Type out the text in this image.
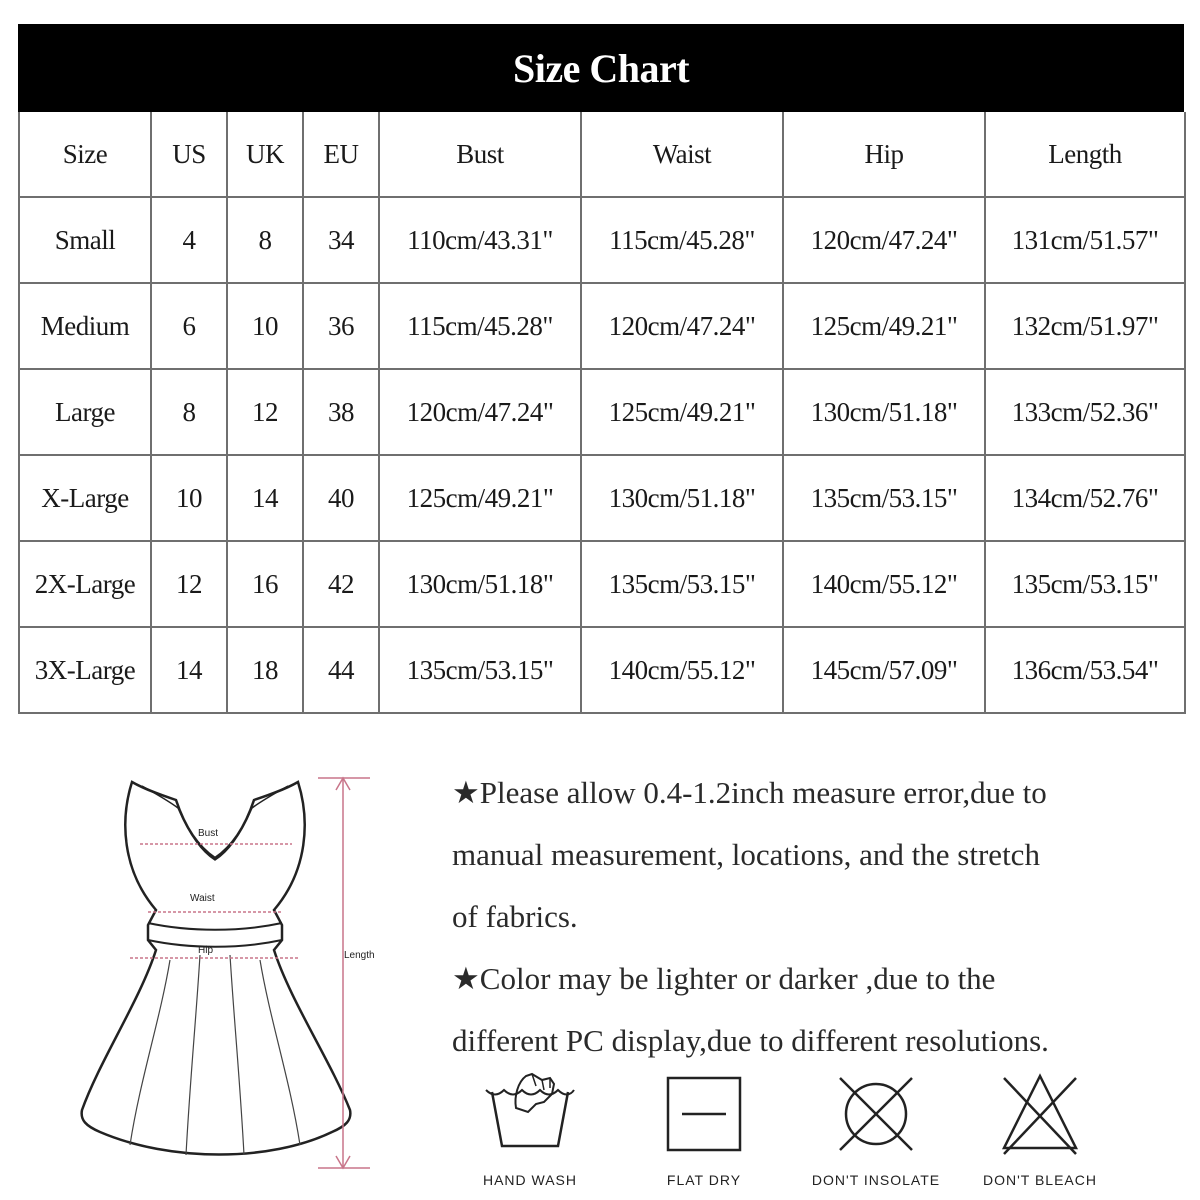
Size Chart
Size	US	UK	EU	Bust	Waist	Hip	Length
Small	4	8	34	110cm/43.31"	115cm/45.28"	120cm/47.24"	131cm/51.57"
Medium	6	10	36	115cm/45.28"	120cm/47.24"	125cm/49.21"	132cm/51.97"
Large	8	12	38	120cm/47.24"	125cm/49.21"	130cm/51.18"	133cm/52.36"
X-Large	10	14	40	125cm/49.21"	130cm/51.18"	135cm/53.15"	134cm/52.76"
2X-Large	12	16	42	130cm/51.18"	135cm/53.15"	140cm/55.12"	135cm/53.15"
3X-Large	14	18	44	135cm/53.15"	140cm/55.12"	145cm/57.09"	136cm/53.54"
Bust
Waist
Hip	Length

★Please allow 0.4-1.2inch measure error,due to

manual measurement, locations, and the stretch

of fabrics.

★Color may be lighter or darker ,due to the

different PC display,due to different resolutions.

HAND WASH	FLAT DRY	DON'T INSOLATE	DON'T BLEACH
